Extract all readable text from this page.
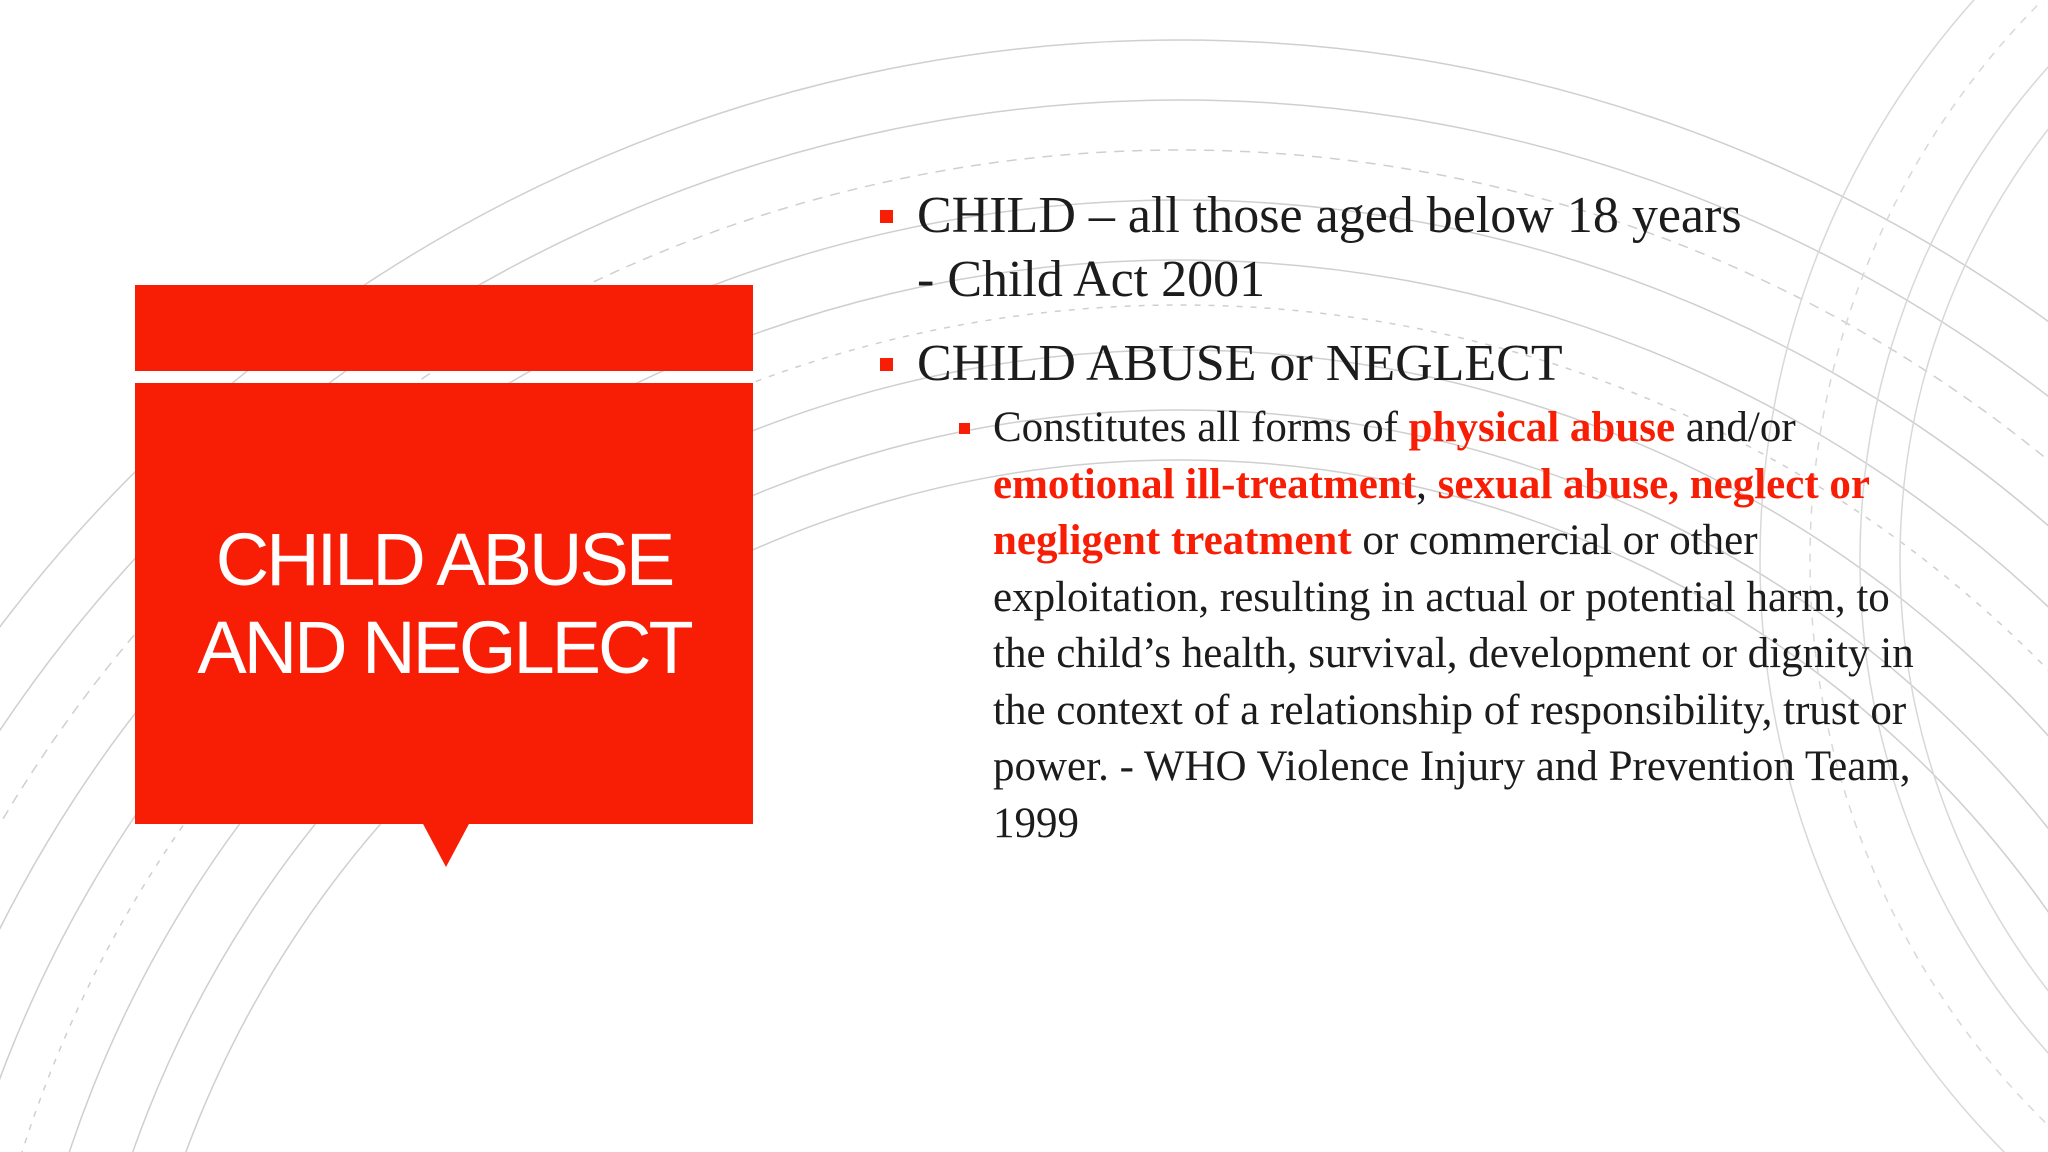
CHILD ABUSE AND NEGLECT
CHILD – all those aged below 18 years
- Child Act 2001
CHILD ABUSE or NEGLECT
Constitutes all forms of physical abuse and/or emotional ill-treatment, sexual abuse, neglect or negligent treatment or commercial or other exploitation, resulting in actual or potential harm, to the child’s health, survival, development or dignity in the context of a relationship of responsibility, trust or power. - WHO Violence Injury and Prevention Team, 1999
